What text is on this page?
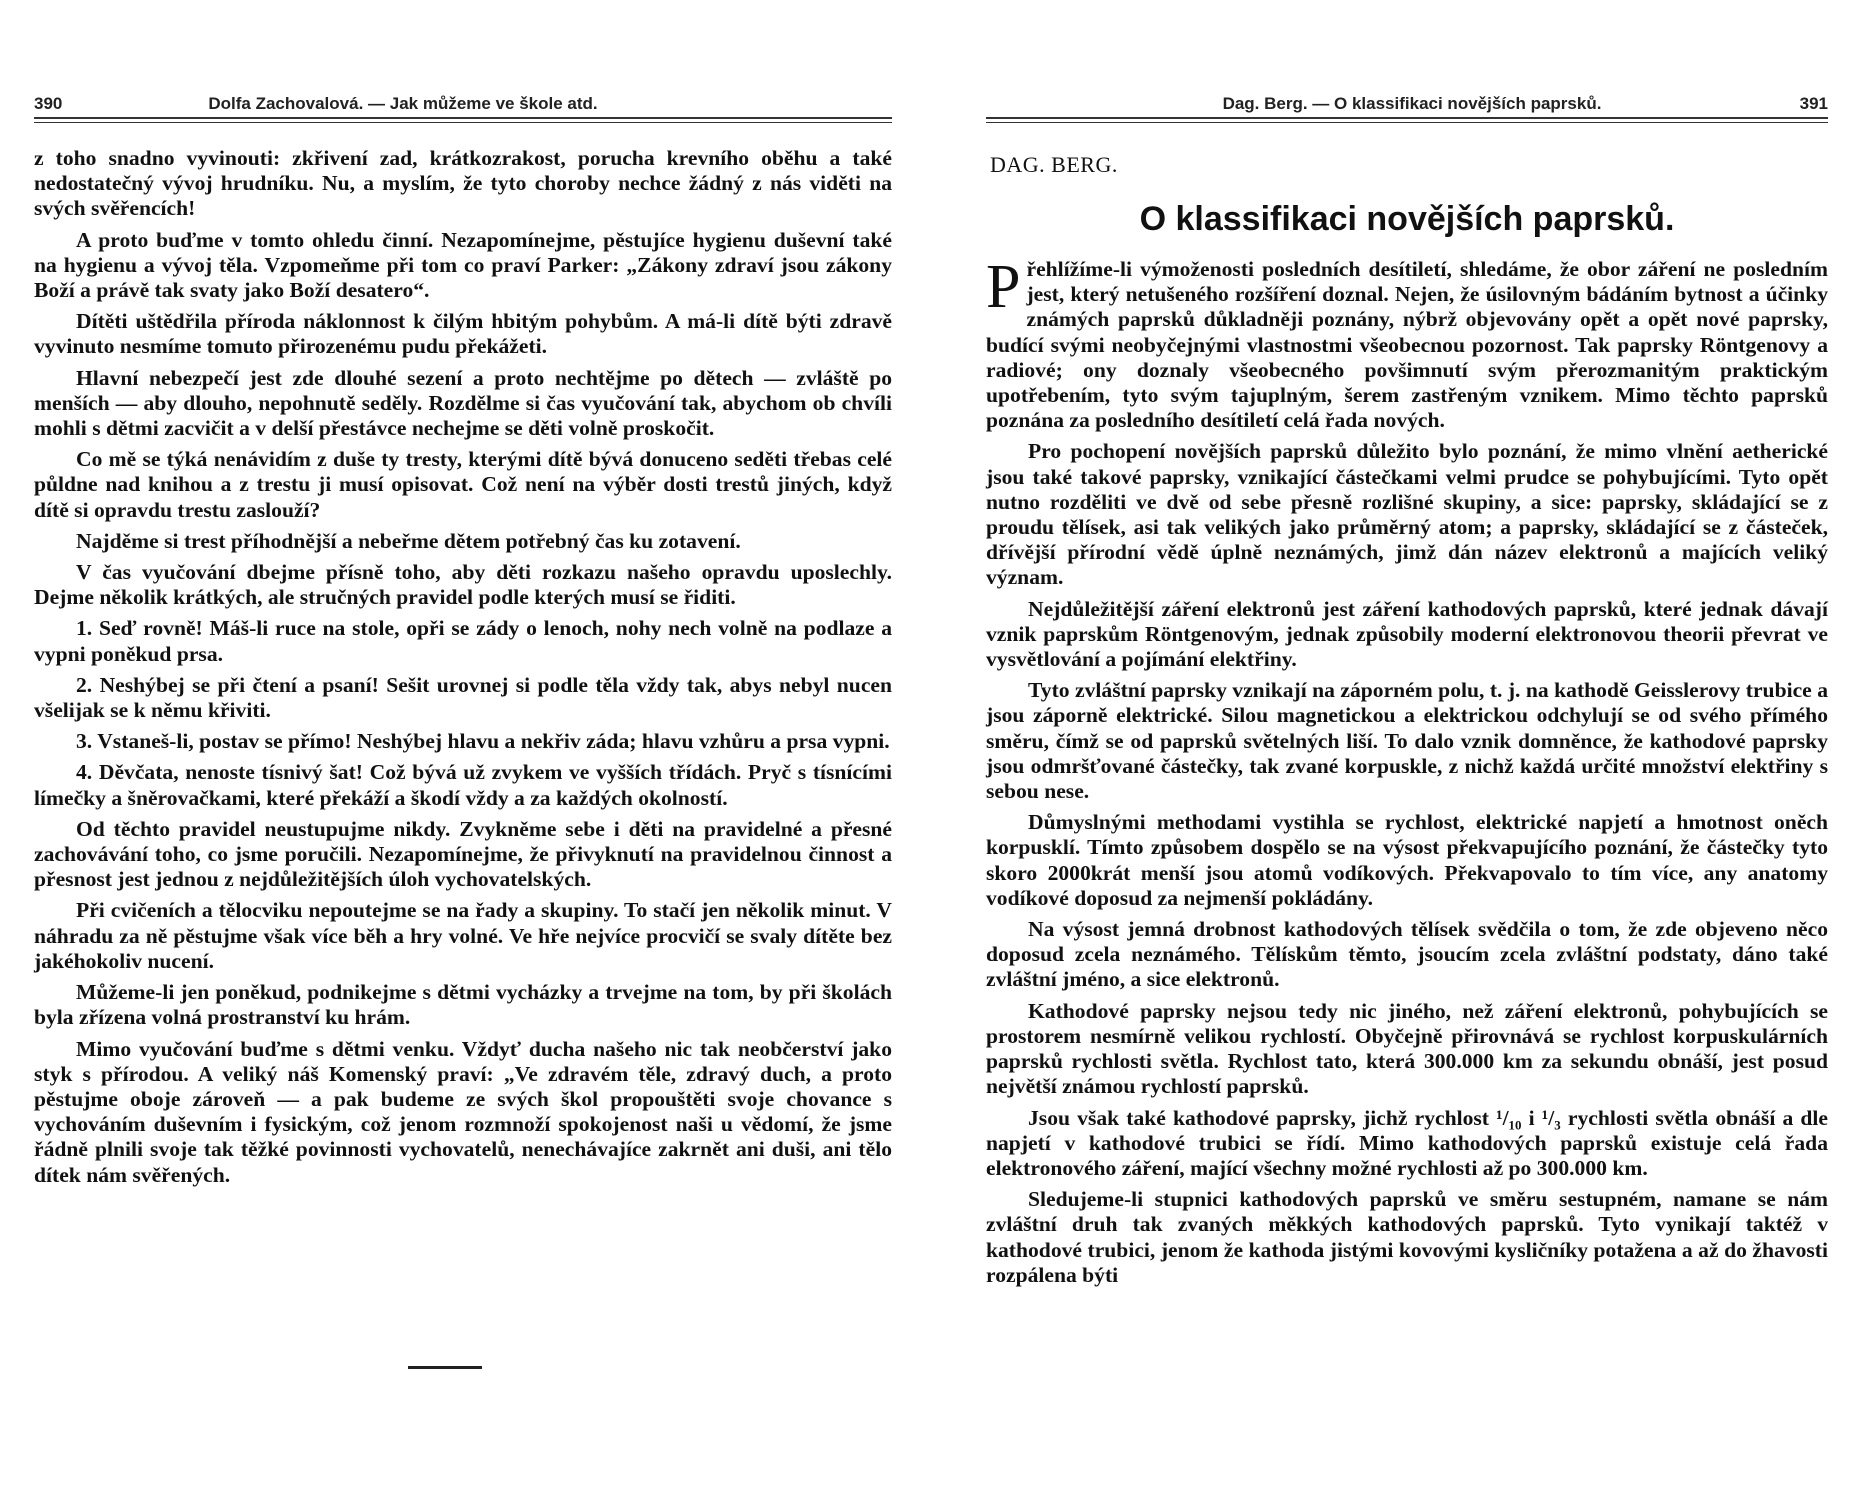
390	Dolfa Zachovalová. — Jak můžeme ve škole atd.

z toho snadno vyvinouti: zkřivení zad, krátkozrakost, porucha krevního oběhu a také nedostatečný vývoj hrudníku. Nu, a myslím, že tyto choroby nechce žádný z nás viděti na svých svěřencích!

A proto buďme v tomto ohledu činní. Nezapomínejme, pěstujíce hygienu duševní také na hygienu a vývoj těla. Vzpomeňme při tom co praví Parker: „Zákony zdraví jsou zákony Boží a právě tak svaty jako Boží desatero“.

Dítěti uštědřila příroda náklonnost k čilým hbitým pohybům. A má-li dítě býti zdravě vyvinuto nesmíme tomuto přirozenému pudu překážeti.

Hlavní nebezpečí jest zde dlouhé sezení a proto nechtějme po dětech — zvláště po menších — aby dlouho, nepohnutě seděly. Rozdělme si čas vyučování tak, abychom ob chvíli mohli s dětmi zacvičit a v delší přestávce nechejme se děti volně proskočit.

Co mě se týká nenávidím z duše ty tresty, kterými dítě bývá donuceno seděti třebas celé půldne nad knihou a z trestu ji musí opisovat. Což není na výběr dosti trestů jiných, když dítě si opravdu trestu zaslouží?

Najděme si trest příhodnější a nebeřme dětem potřebný čas ku zotavení.

V čas vyučování dbejme přísně toho, aby děti rozkazu našeho opravdu uposlechly. Dejme několik krátkých, ale stručných pravidel podle kterých musí se řiditi.

1. Seď rovně! Máš-li ruce na stole, opři se zády o lenoch, nohy nech volně na podlaze a vypni poněkud prsa.

2. Neshýbej se při čtení a psaní! Sešit urovnej si podle těla vždy tak, abys nebyl nucen všelijak se k němu křiviti.

3. Vstaneš-li, postav se přímo! Neshýbej hlavu a nekřiv záda; hlavu vzhůru a prsa vypni.

4. Děvčata, nenoste tísnivý šat! Což bývá už zvykem ve vyšších třídách. Pryč s tísnícími límečky a šněrovačkami, které překáží a škodí vždy a za každých okolností.

Od těchto pravidel neustupujme nikdy. Zvykněme sebe i děti na pravidelné a přesné zachovávání toho, co jsme poručili. Nezapomínejme, že přivyknutí na pravidelnou činnost a přesnost jest jednou z nejdůležitějších úloh vychovatelských.

Při cvičeních a tělocviku nepoutejme se na řady a skupiny. To stačí jen několik minut. V náhradu za ně pěstujme však více běh a hry volné. Ve hře nejvíce procvičí se svaly dítěte bez jakéhokoliv nucení.

Můžeme-li jen poněkud, podnikejme s dětmi vycházky a trvejme na tom, by při školách byla zřízena volná prostranství ku hrám.

Mimo vyučování buďme s dětmi venku. Vždyť ducha našeho nic tak neobčerství jako styk s přírodou. A veliký náš Komenský praví: „Ve zdravém těle, zdravý duch, a proto pěstujme oboje zároveň — a pak budeme ze svých škol propouštěti svoje chovance s vychováním duševním i fysickým, což jenom rozmnoží spokojenost naši u vědomí, že jsme řádně plnili svoje tak těžké povinnosti vychovatelů, nenechávajíce zakrnět ani duši, ani tělo dítek nám svěřených.

Dag. Berg. — O klassifikaci novějších paprsků.	391
DAG. BERG.
O klassifikaci novějších paprsků.

Přehlížíme-li výmoženosti posledních desítiletí, shledáme, že obor záření ne posledním jest, který netušeného rozšíření doznal. Nejen, že úsilovným bádáním bytnost a účinky známých paprsků důkladněji poznány, nýbrž objevovány opět a opět nové paprsky, budící svými neobyčejnými vlastnostmi všeobecnou pozornost. Tak paprsky Röntgenovy a radiové; ony doznaly všeobecného povšimnutí svým přerozmanitým praktickým upotřebením, tyto svým tajuplným, šerem zastřeným vznikem. Mimo těchto paprsků poznána za posledního desítiletí celá řada nových.

Pro pochopení novějších paprsků důležito bylo poznání, že mimo vlnění aetherické jsou také takové paprsky, vznikající částečkami velmi prudce se pohybujícími. Tyto opět nutno rozděliti ve dvě od sebe přesně rozlišné skupiny, a sice: paprsky, skládající se z proudu tělísek, asi tak velikých jako průměrný atom; a paprsky, skládající se z částeček, dřívější přírodní vědě úplně neznámých, jimž dán název elektronů a majících veliký význam.

Nejdůležitější záření elektronů jest záření kathodových paprsků, které jednak dávají vznik paprskům Röntgenovým, jednak způsobily moderní elektronovou theorii převrat ve vysvětlování a pojímání elektřiny.

Tyto zvláštní paprsky vznikají na záporném polu, t. j. na kathodě Geisslerovy trubice a jsou záporně elektrické. Silou magnetickou a elektrickou odchylují se od svého přímého směru, čímž se od paprsků světelných liší. To dalo vznik domněnce, že kathodové paprsky jsou odmršťované částečky, tak zvané korpuskle, z nichž každá určité množství elektřiny s sebou nese.

Důmyslnými methodami vystihla se rychlost, elektrické napjetí a hmotnost oněch korpusklí. Tímto způsobem dospělo se na výsost překvapujícího poznání, že částečky tyto skoro 2000krát menší jsou atomů vodíkových. Překvapovalo to tím více, any anatomy vodíkové doposud za nejmenší pokládány.

Na výsost jemná drobnost kathodových tělísek svědčila o tom, že zde objeveno něco doposud zcela neznámého. Tělískům těmto, jsoucím zcela zvláštní podstaty, dáno také zvláštní jméno, a sice elektronů.

Kathodové paprsky nejsou tedy nic jiného, než záření elektronů, pohybujících se prostorem nesmírně velikou rychlostí. Obyčejně přirovnává se rychlost korpuskulárních paprsků rychlosti světla. Rychlost tato, která 300.000 km za sekundu obnáší, jest posud největší známou rychlostí paprsků.

Jsou však také kathodové paprsky, jichž rychlost ¹/₁₀ i ¹/₃ rychlosti světla obnáší a dle napjetí v kathodové trubici se řídí. Mimo kathodových paprsků existuje celá řada elektronového záření, mající všechny možné rychlosti až po 300.000 km.

Sledujeme-li stupnici kathodových paprsků ve směru sestupném, namane se nám zvláštní druh tak zvaných měkkých kathodových paprsků. Tyto vynikají taktéž v kathodové trubici, jenom že kathoda jistými kovovými kysličníky potažena a až do žhavosti rozpálena býti
